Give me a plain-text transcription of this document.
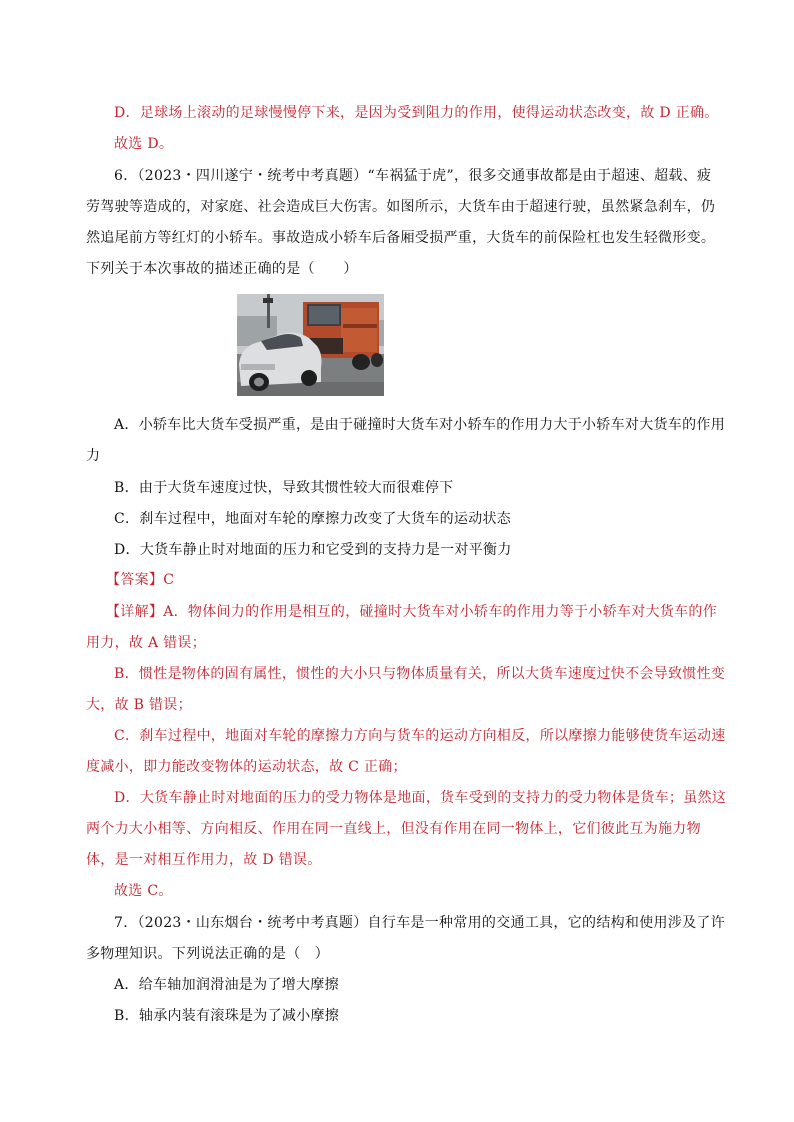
D．足球场上滚动的足球慢慢停下来，是因为受到阻力的作用，使得运动状态改变，故 D 正确。
故选 D。
6．（2023・四川遂宁・统考中考真题）“车祸猛于虎”，很多交通事故都是由于超速、超载、疲
劳驾驶等造成的，对家庭、社会造成巨大伤害。如图所示，大货车由于超速行驶，虽然紧急刹车，仍
然追尾前方等红灯的小轿车。事故造成小轿车后备厢受损严重，大货车的前保险杠也发生轻微形变。
下列关于本次事故的描述正确的是（　　）
A．小轿车比大货车受损严重，是由于碰撞时大货车对小轿车的作用力大于小轿车对大货车的作用
力
B．由于大货车速度过快，导致其惯性较大而很难停下
C．刹车过程中，地面对车轮的摩擦力改变了大货车的运动状态
D．大货车静止时对地面的压力和它受到的支持力是一对平衡力
【答案】C
【详解】A．物体间力的作用是相互的，碰撞时大货车对小轿车的作用力等于小轿车对大货车的作
用力，故 A 错误；
B．惯性是物体的固有属性，惯性的大小只与物体质量有关，所以大货车速度过快不会导致惯性变
大，故 B 错误；
C．刹车过程中，地面对车轮的摩擦力方向与货车的运动方向相反，所以摩擦力能够使货车运动速
度减小，即力能改变物体的运动状态，故 C 正确；
D．大货车静止时对地面的压力的受力物体是地面，货车受到的支持力的受力物体是货车；虽然这
两个力大小相等、方向相反、作用在同一直线上，但没有作用在同一物体上，它们彼此互为施力物
体，是一对相互作用力，故 D 错误。
故选 C。
7．（2023・山东烟台・统考中考真题）自行车是一种常用的交通工具，它的结构和使用涉及了许
多物理知识。下列说法正确的是（　）
A．给车轴加润滑油是为了增大摩擦
B．轴承内装有滚珠是为了减小摩擦
